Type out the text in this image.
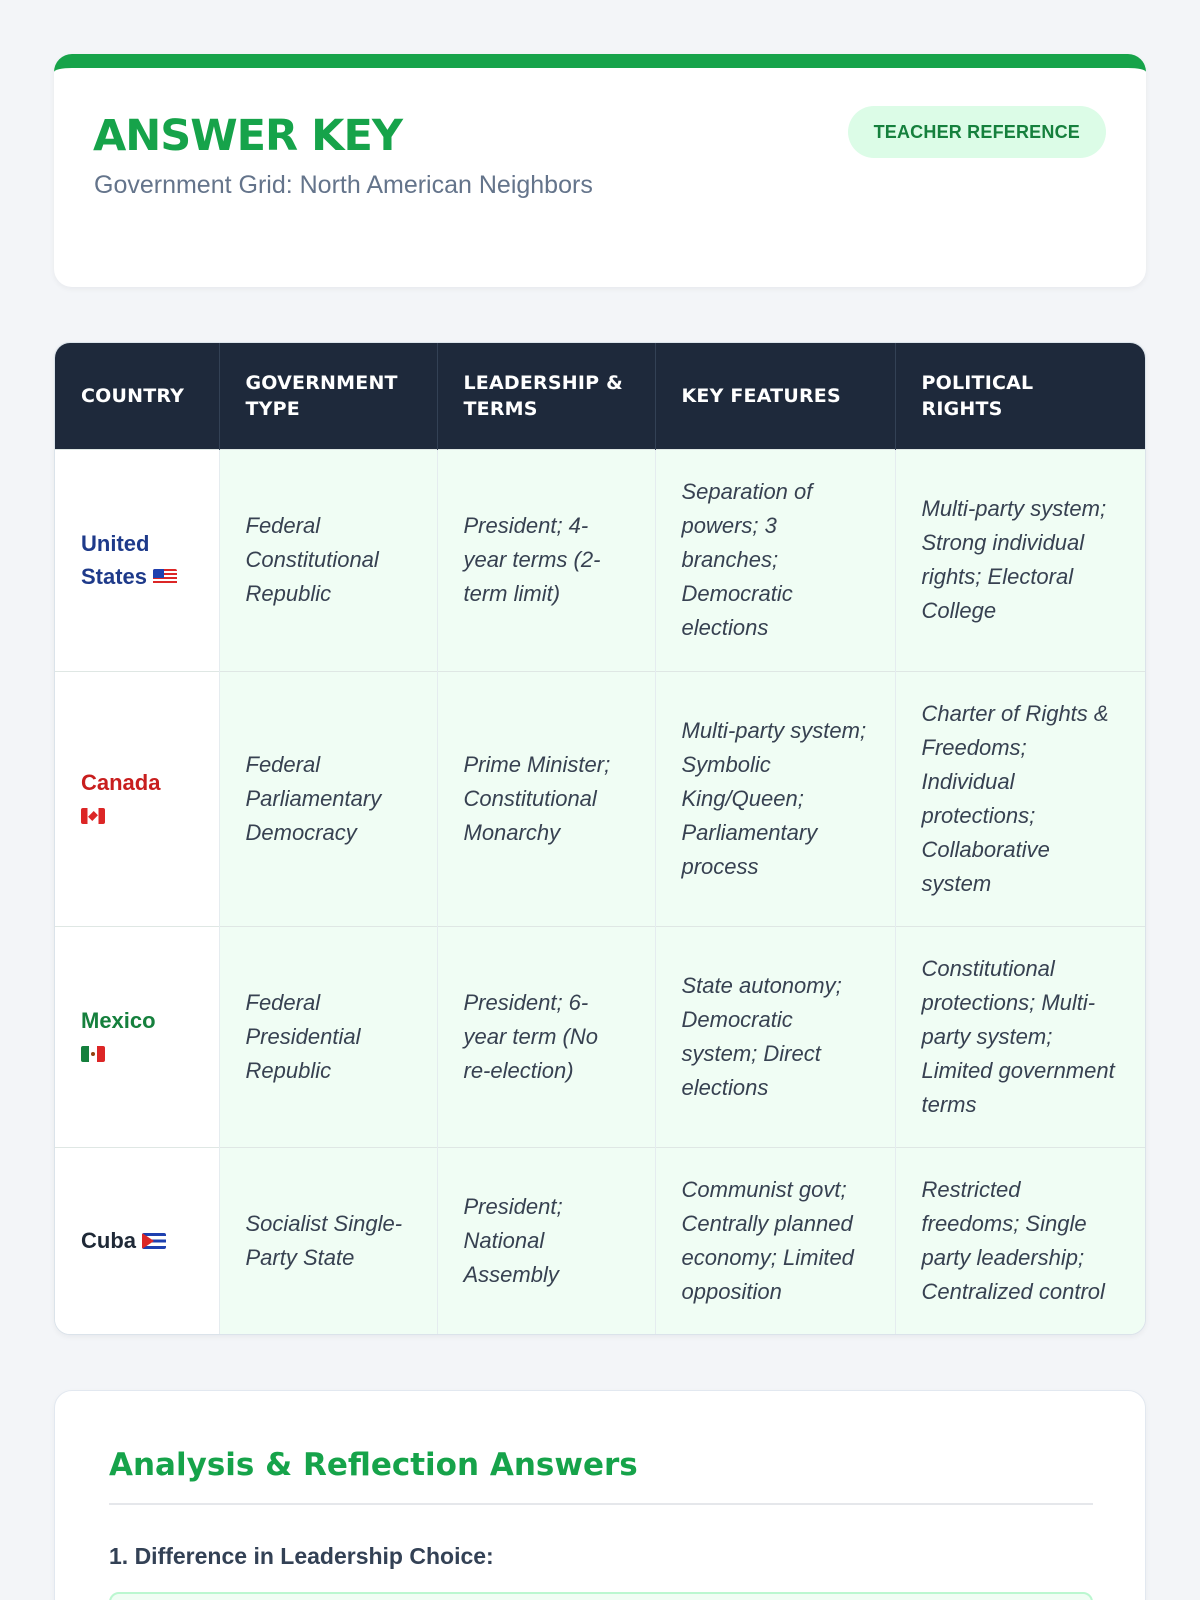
ANSWER KEY
Government Grid: North American Neighbors
TEACHER REFERENCE
COUNTRY	GOVERNMENT TYPE	LEADERSHIP & TERMS	KEY FEATURES	POLITICAL RIGHTS
United States	Federal Constitutional Republic	President; 4-year terms (2-term limit)	Separation of powers; 3 branches; Democratic elections	Multi-party system; Strong individual rights; Electoral College
Canada	Federal Parliamentary Democracy	Prime Minister; Constitutional Monarchy	Multi-party system; Symbolic King/Queen; Parliamentary process	Charter of Rights & Freedoms; Individual protections; Collaborative system
Mexico	Federal Presidential Republic	President; 6-year term (No re-election)	State autonomy; Democratic system; Direct elections	Constitutional protections; Multi-party system; Limited government terms
Cuba	Socialist Single-Party State	President; National Assembly	Communist govt; Centrally planned economy; Limited opposition	Restricted freedoms; Single party leadership; Centralized control
Analysis & Reflection Answers
1. Difference in Leadership Choice:
